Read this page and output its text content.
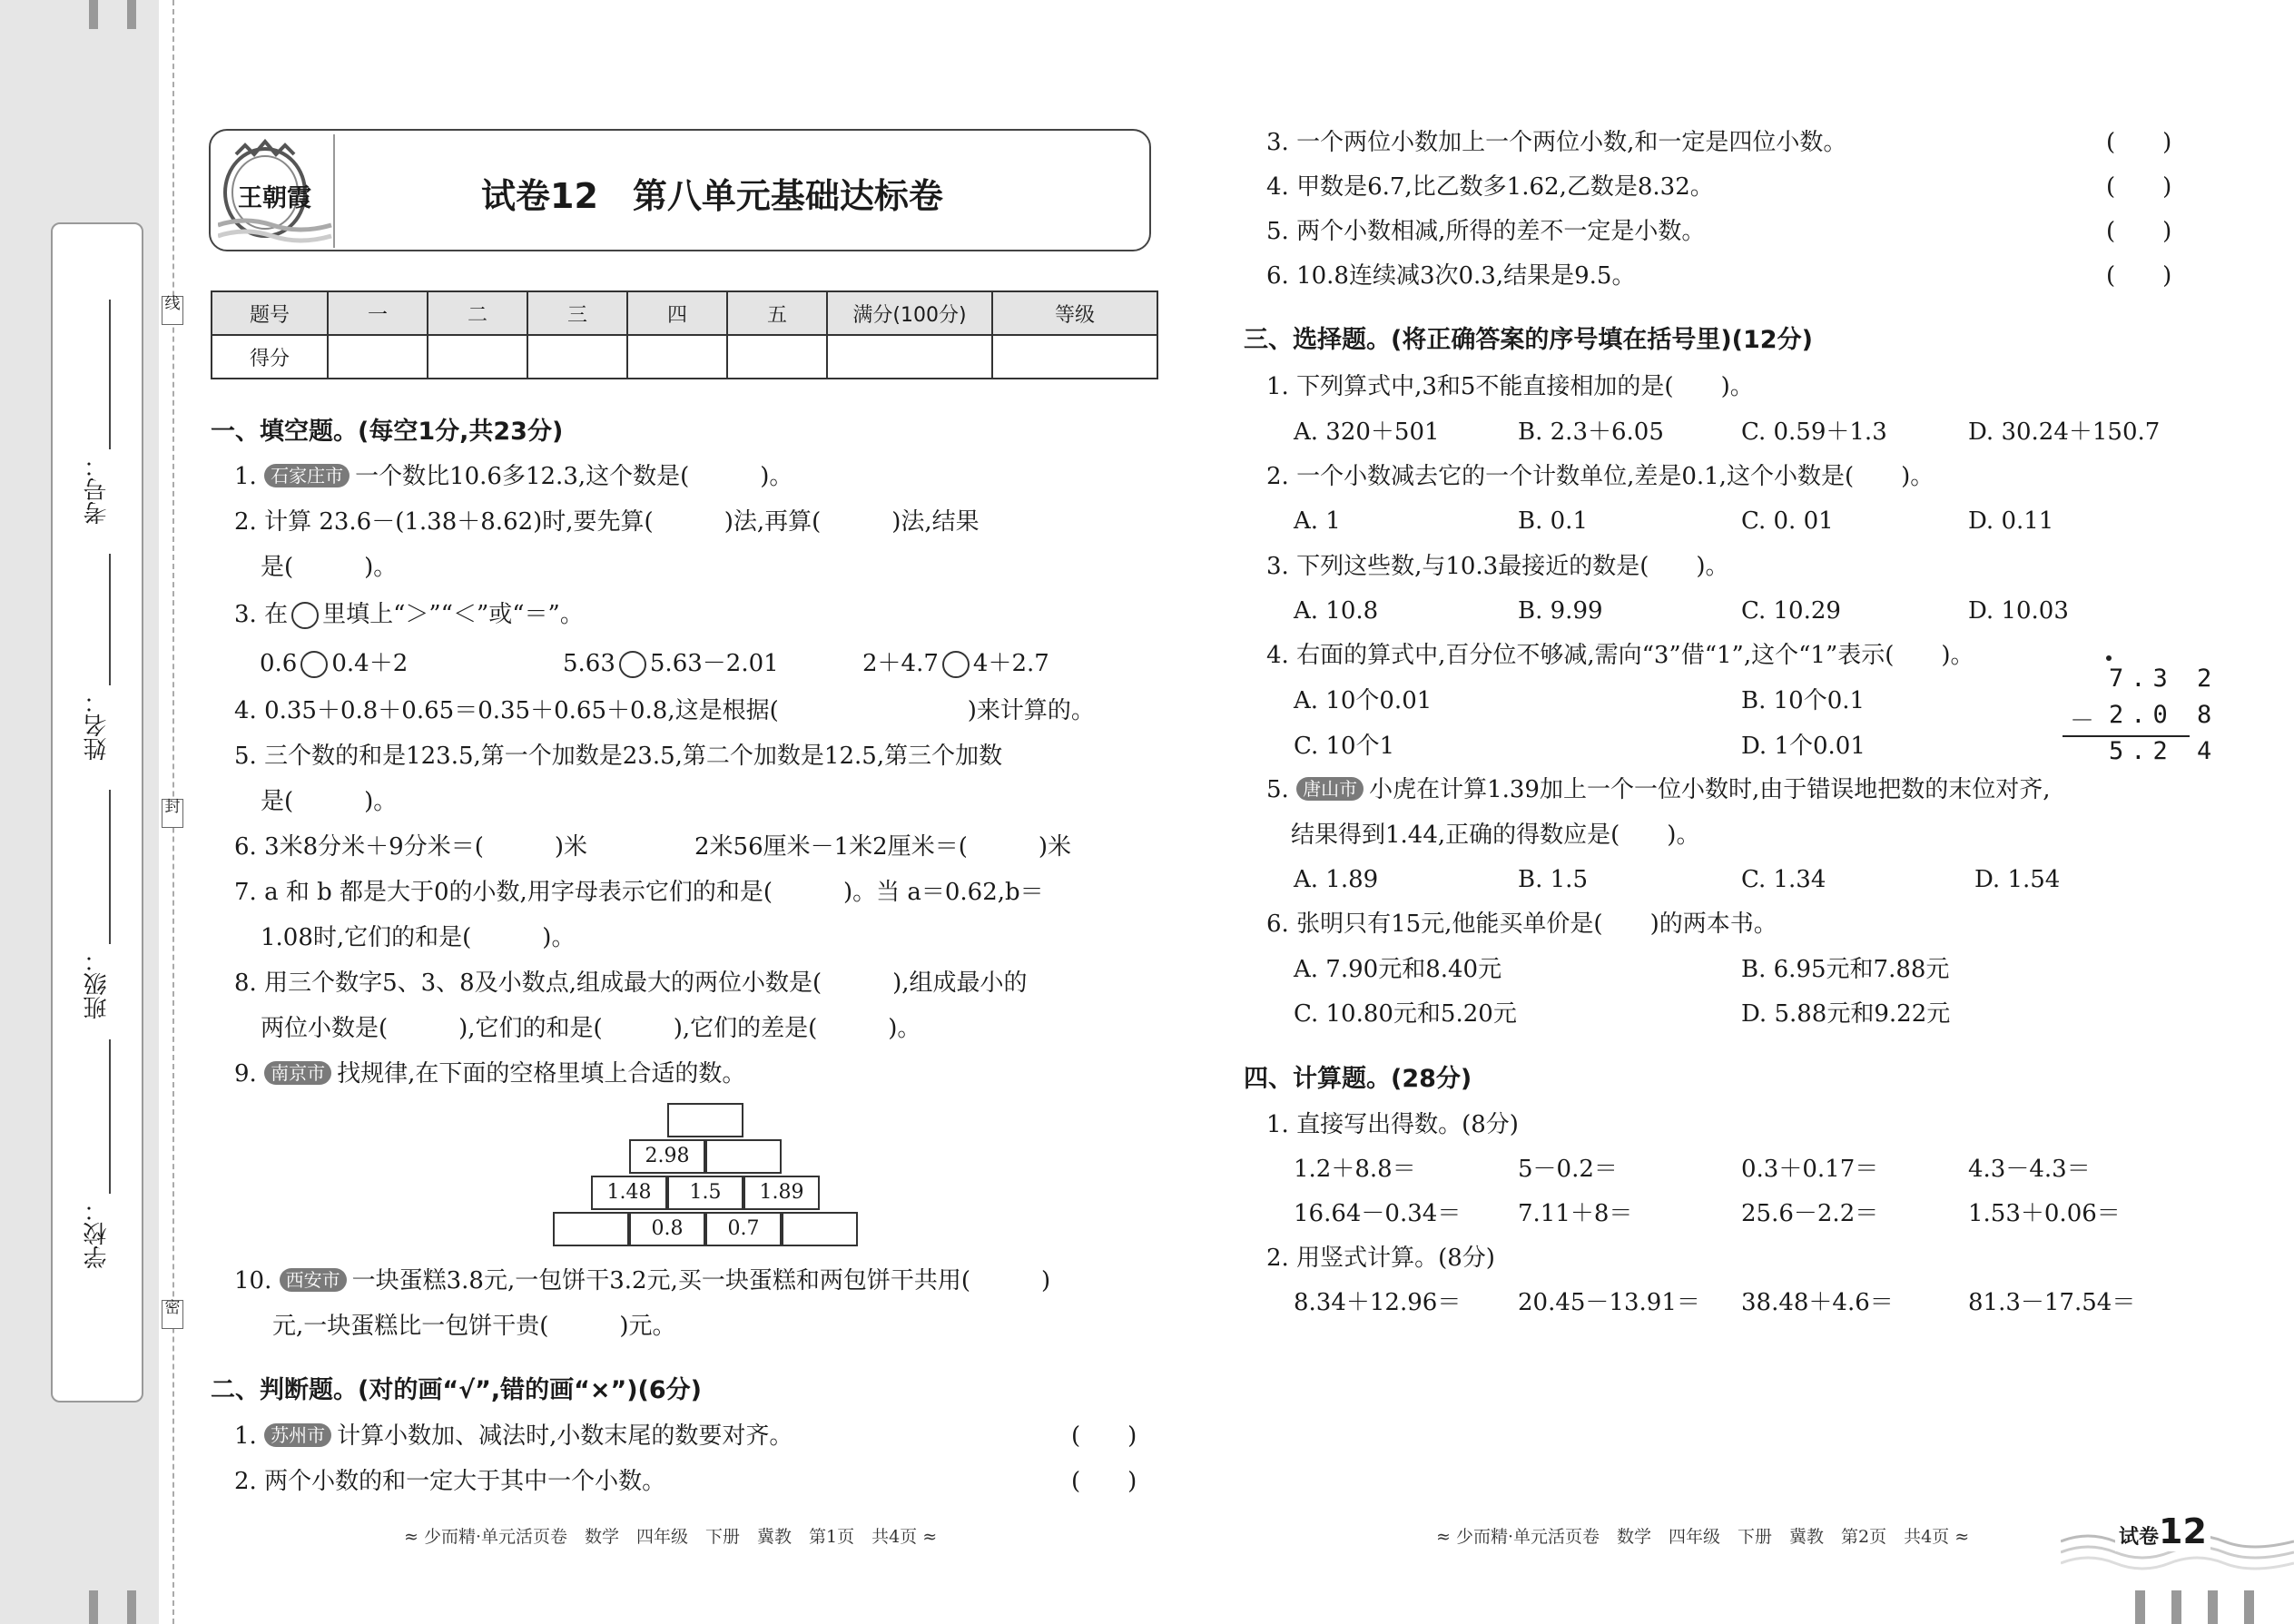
考号：
姓名：
班级：
学校：
线
封
密
王朝霞	试卷12　第八单元基础达标卷
题号	一	二	三	四	五	满分(100分)	等级
得分							
一、填空题。(每空1分,共23分)
1. 石家庄市 一个数比10.6多12.3,这个数是(　　　)。
2. 计算 23.6－(1.38＋8.62)时,要先算(　　　)法,再算(　　　)法,结果
是(　　　)。
3. 在 里填上“＞”“＜”或“＝”。
0.6 0.4＋2	5.63 5.63－2.01	2＋4.7 4＋2.7
4. 0.35＋0.8＋0.65＝0.35＋0.65＋0.8,这是根据(　　　　　　　　)来计算的。
5. 三个数的和是123.5,第一个加数是23.5,第二个加数是12.5,第三个加数
是(　　　)。
6. 3米8分米＋9分米＝(　　　)米	2米56厘米－1米2厘米＝(　　　)米
7. a 和 b 都是大于0的小数,用字母表示它们的和是(　　　)。当 a＝0.62,b＝
1.08时,它们的和是(　　　)。
8. 用三个数字5、3、8及小数点,组成最大的两位小数是(　　　),组成最小的
两位小数是(　　　),它们的和是(　　　),它们的差是(　　　)。
9. 南京市 找规律,在下面的空格里填上合适的数。
2.98
1.48	1.5	1.89
0.8	0.7
10. 西安市 一块蛋糕3.8元,一包饼干3.2元,买一块蛋糕和两包饼干共用(　　　)
元,一块蛋糕比一包饼干贵(　　　)元。
二、判断题。(对的画“√”,错的画“×”)(6分)
1. 苏州市 计算小数加、减法时,小数末尾的数要对齐。	(　　)
2. 两个小数的和一定大于其中一个小数。	(　　)
≈ 少而精·单元活页卷　数学　四年级　下册　冀教　第1页　共4页 ≈
3. 一个两位小数加上一个两位小数,和一定是四位小数。	(　　)
4. 甲数是6.7,比乙数多1.62,乙数是8.32。	(　　)
5. 两个小数相减,所得的差不一定是小数。	(　　)
6. 10.8连续减3次0.3,结果是9.5。	(　　)
三、选择题。(将正确答案的序号填在括号里)(12分)
1. 下列算式中,3和5不能直接相加的是(　　)。
A. 320＋501	B. 2.3＋6.05	C. 0.59＋1.3	D. 30.24＋150.7
2. 一个小数减去它的一个计数单位,差是0.1,这个小数是(　　)。
A. 1	B. 0.1	C. 0. 01	D. 0.11
3. 下列这些数,与10.3最接近的数是(　　)。
A. 10.8	B. 9.99	C. 10.29	D. 10.03
4. 右面的算式中,百分位不够减,需向“3”借“1”,这个“1”表示(　　)。
A. 10个0.01	B. 10个0.1
C. 10个1	D. 1个0.01
7.3 2
－ 2.0 8
5.2 4
5. 唐山市 小虎在计算1.39加上一个一位小数时,由于错误地把数的末位对齐,
结果得到1.44,正确的得数应是(　　)。
A. 1.89	B. 1.5	C. 1.34	D. 1.54
6. 张明只有15元,他能买单价是(　　)的两本书。
A. 7.90元和8.40元	B. 6.95元和7.88元
C. 10.80元和5.20元	D. 5.88元和9.22元
四、计算题。(28分)
1. 直接写出得数。(8分)
1.2＋8.8＝	5－0.2＝	0.3＋0.17＝	4.3－4.3＝
16.64－0.34＝ 7.11＋8＝	25.6－2.2＝	1.53＋0.06＝
2. 用竖式计算。(8分)
8.34＋12.96＝ 20.45－13.91＝ 38.48＋4.6＝	81.3－17.54＝
≈ 少而精·单元活页卷　数学　四年级　下册　冀教　第2页　共4页 ≈	试卷12
